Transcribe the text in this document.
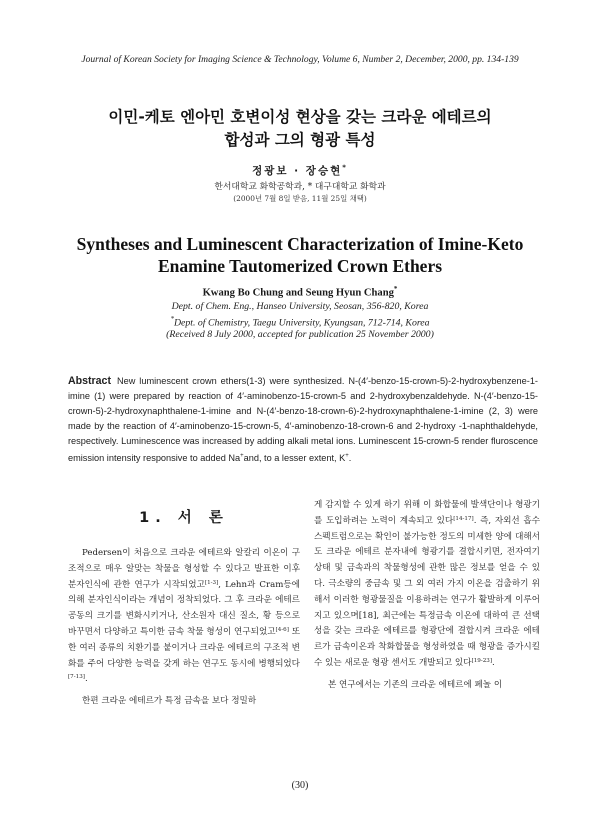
Journal of Korean Society for Imaging Science & Technology, Volume 6, Number 2, December, 2000, pp. 134-139
이민-케토 엔아민 호변이성 현상을 갖는 크라운 에테르의
합성과 그의 형광 특성
정광보 · 장승현*
한서대학교 화학공학과, * 대구대학교 화학과
(2000년 7월 8일 받음, 11월 25일 채택)
Syntheses and Luminescent Characterization of Imine-Keto
Enamine Tautomerized Crown Ethers
Kwang Bo Chung and Seung Hyun Chang*
Dept. of Chem. Eng., Hanseo University, Seosan, 356-820, Korea
*Dept. of Chemistry, Taegu University, Kyungsan, 712-714, Korea
(Received 8 July 2000, accepted for publication 25 November 2000)
Abstract New luminescent crown ethers(1-3) were synthesized. N-(4′-benzo-15-crown-5)-2-hydroxybenzene-1-imine (1) were prepared by reaction of 4′-aminobenzo-15-crown-5 and 2-hydroxybenzaldehyde. N-(4′-benzo-15-crown-5)-2-hydroxynaphthalene-1-imine and N-(4′-benzo-18-crown-6)-2-hydroxynaphthalene-1-imine (2, 3) were made by the reaction of 4′-aminobenzo-15-crown-5, 4′-aminobenzo-18-crown-6 and 2-hydroxy -1-naphthaldehyde, respectively. Luminescence was increased by adding alkali metal ions. Luminescent 15-crown-5 render fluroscence emission intensity responsive to added Na+and, to a lesser extent, K+.
1. 서 론

Pedersen이 처음으로 크라운 에테르와 알칼리 이온이 구조적으로 매우 알맞는 착물을 형성할 수 있다고 발표한 이후 분자인식에 관한 연구가 시작되었고[1-3], Lehn과 Cram등에 의해 분자인식이라는 개념이 정착되었다. 그 후 크라운 에테르 공동의 크기를 변화시키거나, 산소원자 대신 질소, 황 등으로 바꾸면서 다양하고 특이한 금속 착물 형성이 연구되었고[4-6] 또한 여러 종류의 치환기를 붙이거나 크라운 에테르의 구조적 변화를 주어 다양한 능력을 갖게 하는 연구도 동시에 병행되었다[7-13].

한편 크라운 에테르가 특정 금속을 보다 정밀하

게 감지할 수 있게 하기 위해 이 화합물에 발색단이나 형광기를 도입하려는 노력이 계속되고 있다[14-17]. 즉, 자외선 흡수 스펙트럼으로는 확인이 불가능한 정도의 미세한 양에 대해서도 크라운 에테르 분자내에 형광기를 결합시키면, 전자여기 상태 및 금속과의 착물형성에 관한 많은 정보를 얻을 수 있다. 극소량의 중금속 및 그 외 여러 가지 이온을 검출하기 위해서 이러한 형광물질을 이용하려는 연구가 활발하게 이루어지고 있으며[18], 최근에는 특정금속 이온에 대하여 큰 선택성을 갖는 크라운 에테르를 형광단에 결합시켜 크라운 에테르가 금속이온과 착화합물을 형성하였을 때 형광을 증가시킬 수 있는 새로운 형광 센서도 개발되고 있다[19-23].

본 연구에서는 기존의 크라운 에테르에 페놀 이

(30)
